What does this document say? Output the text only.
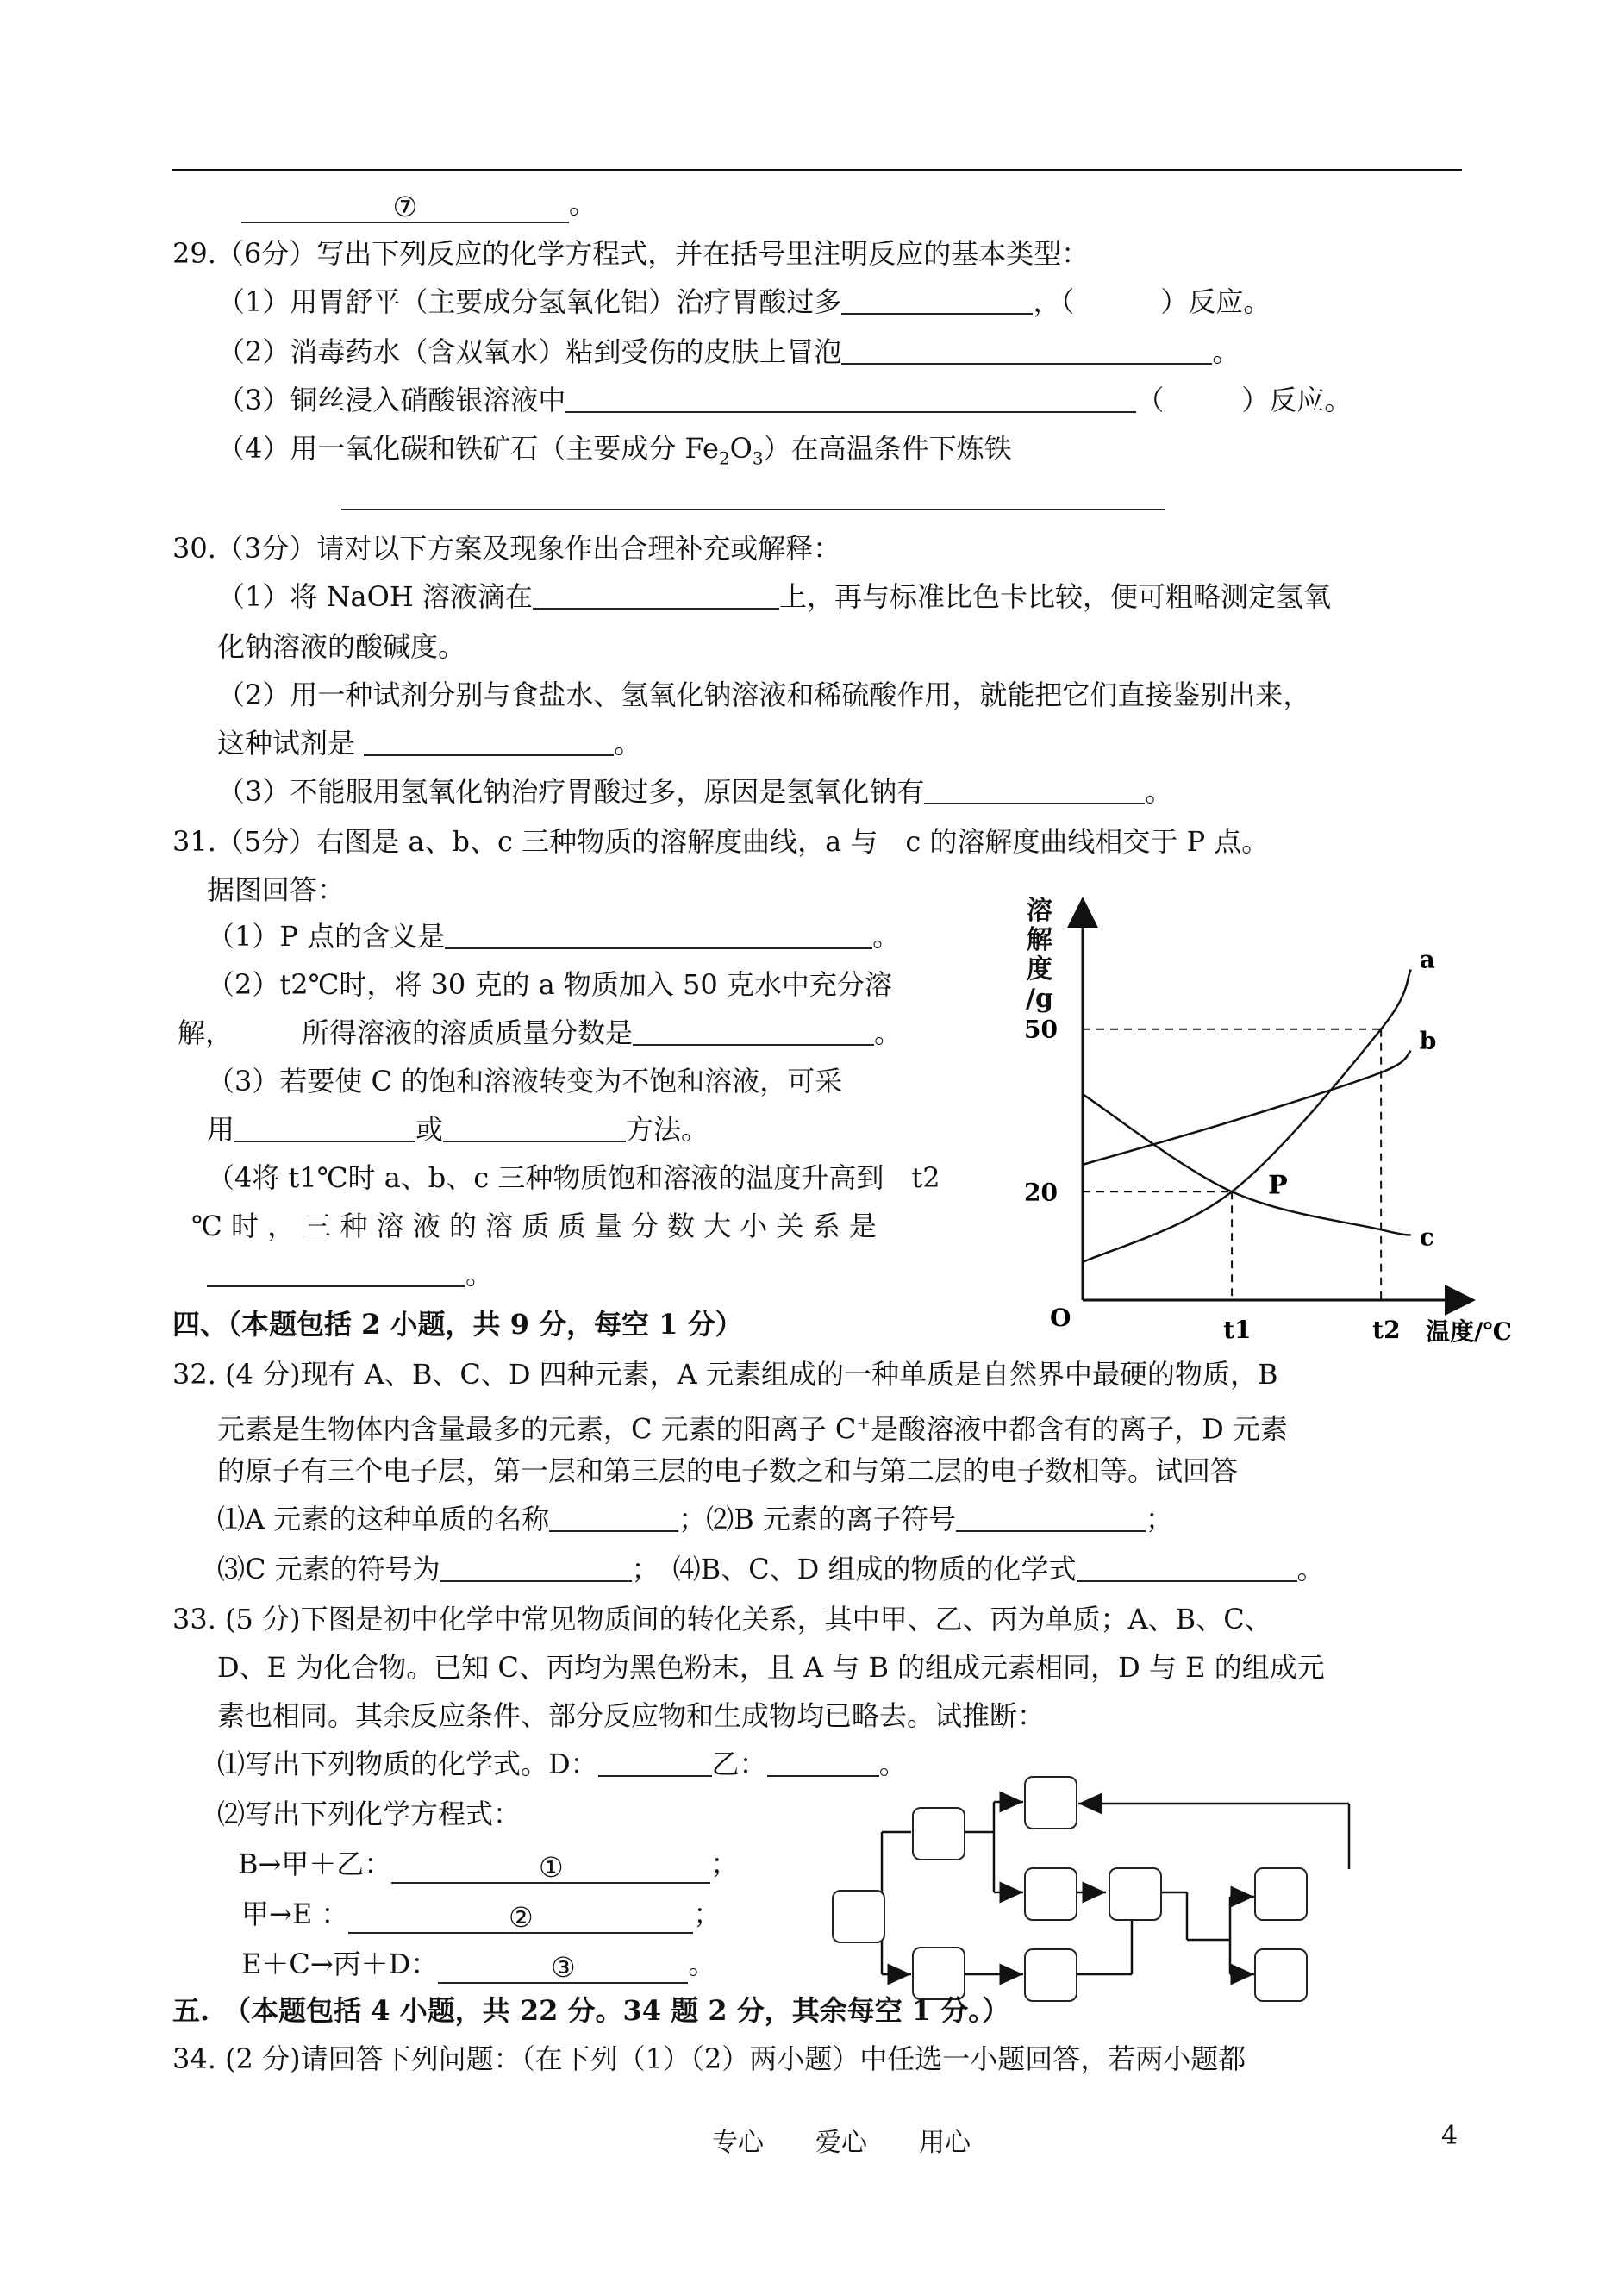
⑦	。
29.（6分）写出下列反应的化学方程式，并在括号里注明反应的基本类型：
（1）用胃舒平（主要成分氢氧化铝）治疗胃酸过多	，（	）反应。
（2）消毒药水（含双氧水）粘到受伤的皮肤上冒泡	。
（3）铜丝浸入硝酸银溶液中	（	）反应。
（4）用一氧化碳和铁矿石（主要成分 $Fe_2O_3$）在高温条件下炼铁
30.（3分）请对以下方案及现象作出合理补充或解释：
（1）将 NaOH 溶液滴在	上，再与标准比色卡比较，便可粗略测定氢氧
化钠溶液的酸碱度。
（2）用一种试剂分别与食盐水、氢氧化钠溶液和稀硫酸作用，就能把它们直接鉴别出来，
这种试剂是	。
（3）不能服用氢氧化钠治疗胃酸过多，原因是氢氧化钠有	。
31.（5分）右图是 a、b、c 三种物质的溶解度曲线，a 与　c 的溶解度曲线相交于 P 点。
据图回答：
（1）P 点的含义是	。
（2）t2℃时，将 30 克的 a 物质加入 50 克水中充分溶
解，　　　所得溶液的溶质质量分数是	。
（3）若要使 C 的饱和溶液转变为不饱和溶液，可采
用	或	方法。
（4将 t1℃时 a、b、c 三种物质饱和溶液的温度升高到　t2
℃ 时 ， 三 种 溶 液 的 溶 质 质 量 分 数 大 小 关 系 是
。
a
b
c
20
50
t1	t2
O	温度/℃
P
溶
解
度
/g
四、（本题包括 2 小题，共 9 分，每空 1 分）
32. (4 分)现有 A、B、C、D 四种元素，A 元素组成的一种单质是自然界中最硬的物质，B
元素是生物体内含量最多的元素，C 元素的阳离子 C+是酸溶液中都含有的离子，D 元素
的原子有三个电子层，第一层和第三层的电子数之和与第二层的电子数相等。试回答
⑴A 元素的这种单质的名称	；⑵B 元素的离子符号	；
⑶C 元素的符号为	；　⑷B、C、D 组成的物质的化学式	。
33. (5 分)下图是初中化学中常见物质间的转化关系，其中甲、乙、丙为单质；A、B、C、
D、E 为化合物。已知 C、丙均为黑色粉末，且 A 与 B 的组成元素相同，D 与 E 的组成元
素也相同。其余反应条件、部分反应物和生成物均已略去。试推断：
⑴写出下列物质的化学式。D：	乙：	。
⑵写出下列化学方程式：
B→甲＋乙：	①	；
甲→E ：	②	；
E＋C→丙＋D：	③	。
五.　（本题包括 4 小题，共 22 分。34 题 2 分，其余每空 1 分。）
34. (2 分)请回答下列问题：（在下列（1）（2）两小题）中任选一小题回答，若两小题都
专心　　爱心　　用心	4
